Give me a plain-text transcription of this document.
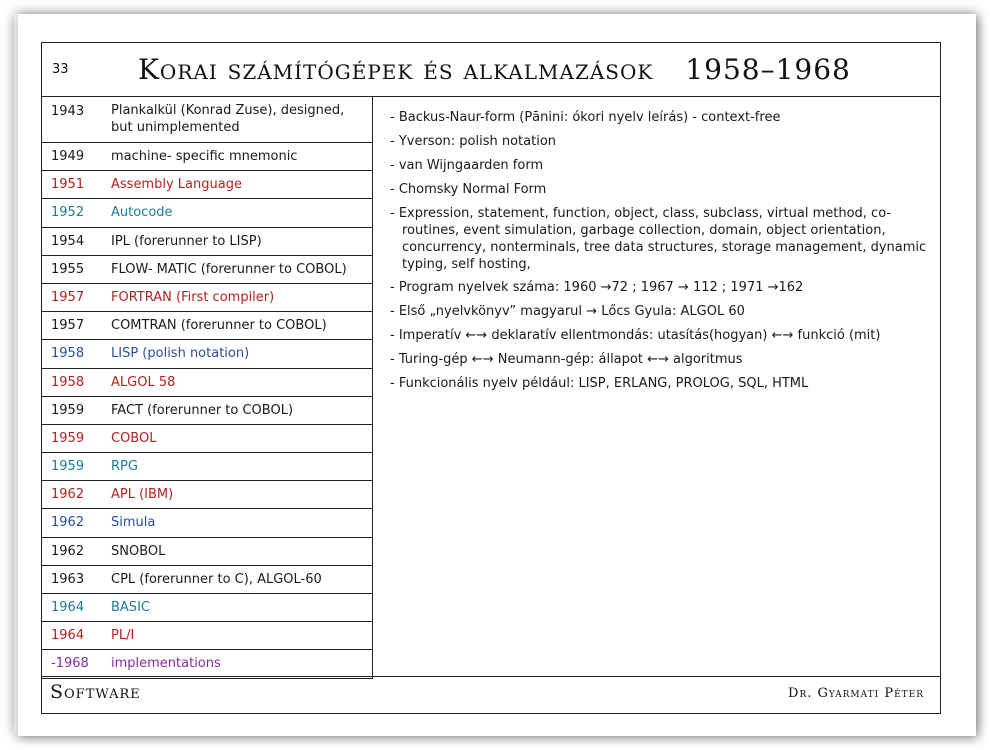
33 Korai számítógépek és alkalmazások 1958–1968
1943 Plankalkül (Konrad Zuse), designed, but unimplemented
1949 machine- specific mnemonic
1951 Assembly Language
1952 Autocode
1954 IPL (forerunner to LISP)
1955 FLOW- MATIC (forerunner to COBOL)
1957 FORTRAN (First compiler)
1957 COMTRAN (forerunner to COBOL)
1958 LISP (polish notation)
1958 ALGOL 58
1959 FACT (forerunner to COBOL)
1959 COBOL
1959 RPG
1962 APL (IBM)
1962 Simula
1962 SNOBOL
1963 CPL (forerunner to C), ALGOL-60
1964 BASIC
1964 PL/I
-1968 implementations
- Backus-Naur-form (Pānini: ókori nyelv leírás) - context-free
- Yverson: polish notation
- van Wijngaarden form
- Chomsky Normal Form
- Expression, statement, function, object, class, subclass, virtual method, co-routines, event simulation, garbage collection, domain, object orientation, concurrency, nonterminals, tree data structures, storage management, dynamic typing, self hosting,
- Program nyelvek száma: 1960 →72 ; 1967 → 112 ; 1971 →162
- Első „nyelvkönyv” magyarul → Lőcs Gyula: ALGOL 60
- Imperatív ←→ deklaratív ellentmondás: utasítás(hogyan) ←→ funkció (mit)
- Turing-gép ←→ Neumann-gép: állapot ←→ algoritmus
- Funkcionális nyelv például: LISP, ERLANG, PROLOG, SQL, HTML
Software	Dr. Gyarmati Péter
